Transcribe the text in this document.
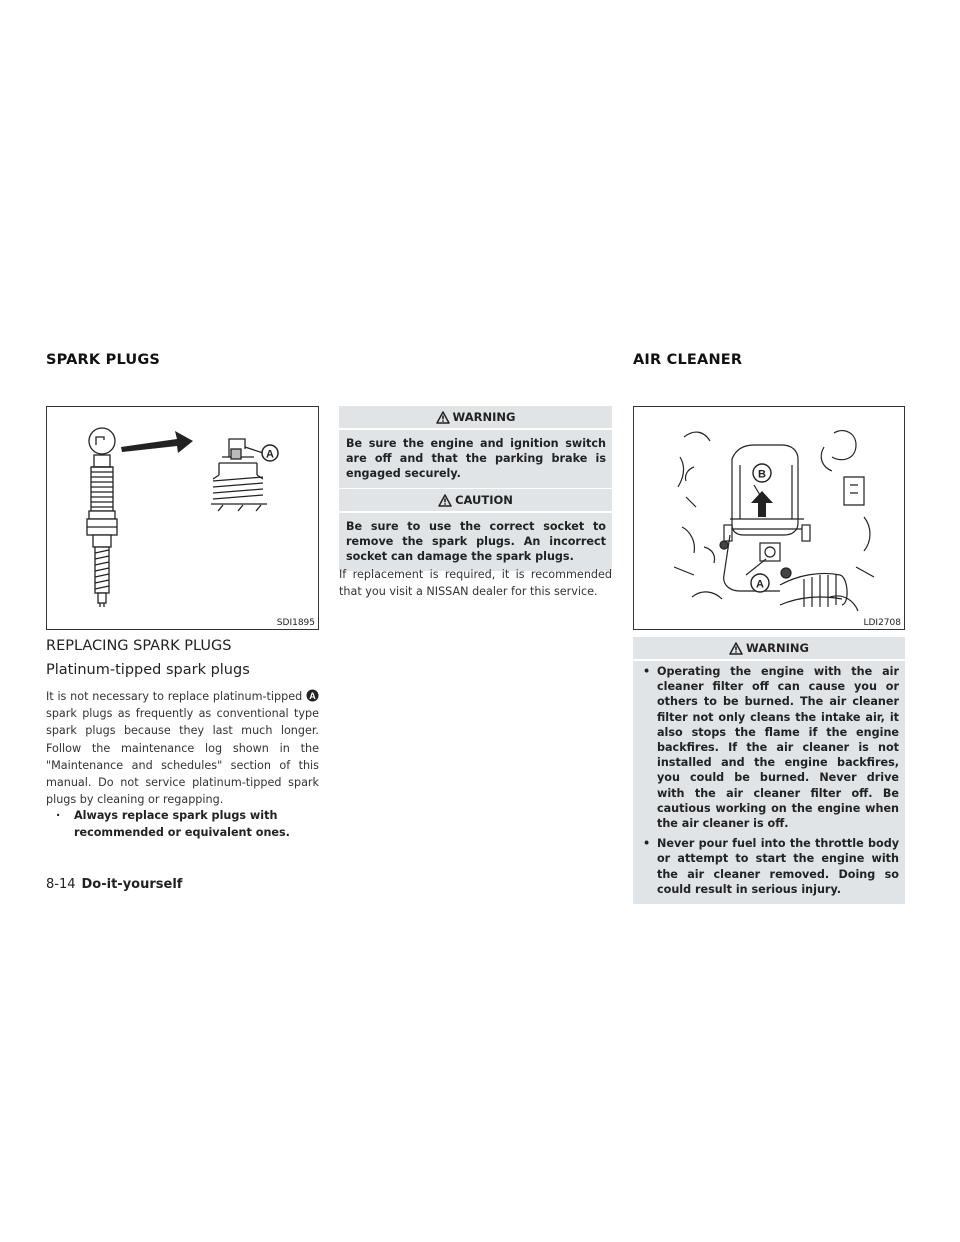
SPARK PLUGS	AIR CLEANER
A
SDI1895
REPLACING SPARK PLUGS
Platinum-tipped spark plugs
It is not necessary to replace platinum-tipped A
spark plugs as frequently as conventional type spark plugs because they last much longer. Follow the maintenance log shown in the "Maintenance and schedules" section of this manual. Do not service platinum-tipped spark plugs by cleaning or regapping.
·	Always replace spark plugs with recommended or equivalent ones.
WARNING
Be sure the engine and ignition switch are off and that the parking brake is engaged securely.
CAUTION
Be sure to use the correct socket to remove the spark plugs. An incorrect socket can damage the spark plugs.
If replacement is required, it is recommended that you visit a NISSAN dealer for this service.
B
A
LDI2708
WARNING
• Operating the engine with the air cleaner filter off can cause you or others to be burned. The air cleaner filter not only cleans the intake air, it also stops the flame if the engine backfires. If the air cleaner is not installed and the engine backfires, you could be burned. Never drive with the air cleaner filter off. Be cautious working on the engine when the air cleaner is off.
• Never pour fuel into the throttle body or attempt to start the engine with the air cleaner removed. Doing so could result in serious injury.
8-14 Do-it-yourself
